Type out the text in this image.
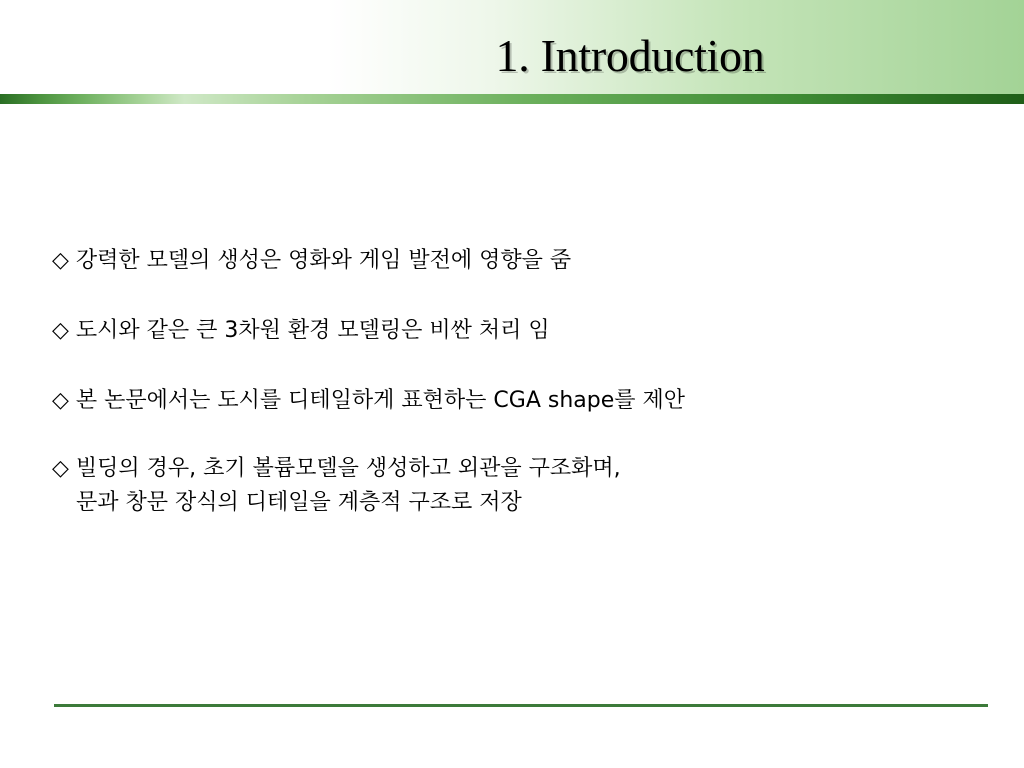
1. Introduction

◇ 강력한 모델의 생성은 영화와 게임 발전에 영향을 줌

◇ 도시와 같은 큰 3차원 환경 모델링은 비싼 처리 임

◇ 본 논문에서는 도시를 디테일하게 표현하는 CGA shape를 제안

◇ 빌딩의 경우, 초기 볼륨모델을 생성하고 외관을 구조화며,

문과 창문 장식의 디테일을 계층적 구조로 저장
